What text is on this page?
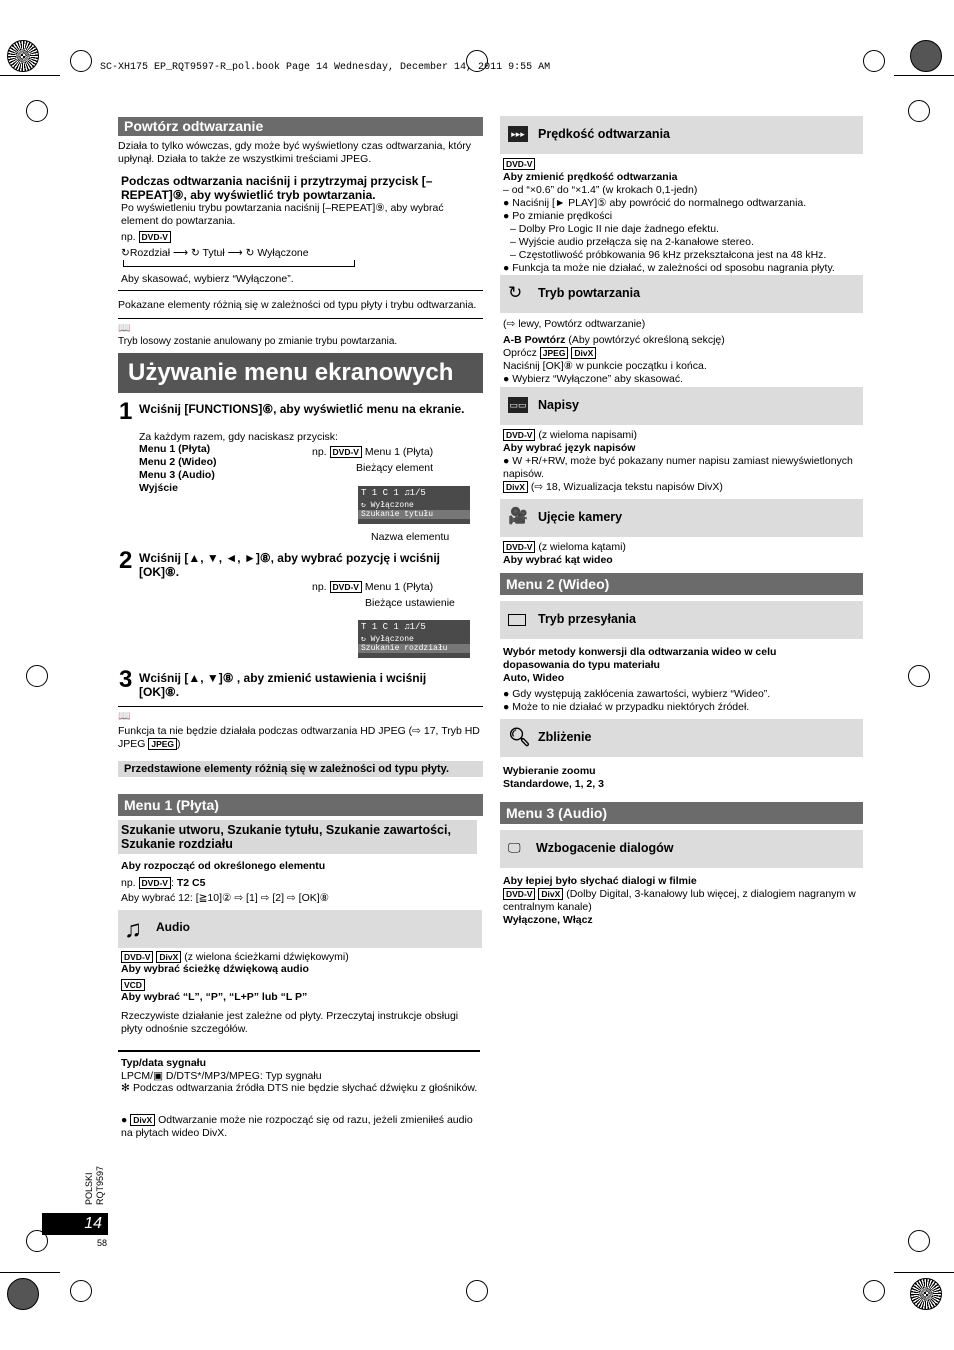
SC-XH175 EP_RQT9597-R_pol.book Page 14 Wednesday, December 14, 2011 9:55 AM
Powtórz odtwarzanie
Działa to tylko wówczas, gdy może być wyświetlony czas odtwarzania, który upłynął. Działa to także ze wszystkimi treściami JPEG.
Podczas odtwarzania naciśnij i przytrzymaj przycisk [–REPEAT]⑨, aby wyświetlić tryb powtarzania.
Po wyświetleniu trybu powtarzania naciśnij [–REPEAT]⑨, aby wybrać element do powtarzania.
np. DVD-V
↻Rozdział ⟶ ↻ Tytuł ⟶ ↻ Wyłączone
Aby skasować, wybierz “Wyłączone”.
Pokazane elementy różnią się w zależności od typu płyty i trybu odtwarzania.
📖
Tryb losowy zostanie anulowany po zmianie trybu powtarzania.
Używanie menu ekranowych
1 Wciśnij [FUNCTIONS]⑥, aby wyświetlić menu na ekranie.
Za każdym razem, gdy naciskasz przycisk:
Menu 1 (Płyta)
Menu 2 (Wideo)
Menu 3 (Audio)
Wyjście
np. DVD-V Menu 1 (Płyta)
Bieżący element
T 1 C 1 ♫1/5
↻ Wyłączone
Szukanie tytułu
Nazwa elementu
2 Wciśnij [▲, ▼, ◄, ►]⑧, aby wybrać pozycję i wciśnij [OK]⑧.
np. DVD-V Menu 1 (Płyta)
Bieżące ustawienie
T 1 C 1 ♫1/5
↻ Wyłączone
Szukanie rozdziału
3 Wciśnij [▲, ▼]⑧ , aby zmienić ustawienia i wciśnij [OK]⑧.
📖
Funkcja ta nie będzie działała podczas odtwarzania HD JPEG (⇨ 17, Tryb HD JPEG JPEG )
Przedstawione elementy różnią się w zależności od typu płyty.
Menu 1 (Płyta)
Szukanie utworu, Szukanie tytułu, Szukanie zawartości, Szukanie rozdziału
Aby rozpocząć od określonego elementu
np. DVD-V : T2 C5
Aby wybrać 12: [≧10]② ⇨ [1] ⇨ [2] ⇨ [OK]⑧
♫ Audio
DVD-V DivX (z wielona ścieżkami dźwiękowymi)
Aby wybrać ścieżkę dźwiękową audio
VCD
Aby wybrać “L”, “P”, “L+P” lub “L P”
Rzeczywiste działanie jest zależne od płyty. Przeczytaj instrukcje obsługi płyty odnośnie szczegółów.
Typ/data sygnału
LPCM/▣ D/DTS*/MP3/MPEG: Typ sygnału
✻ Podczas odtwarzania źródła DTS nie będzie słychać dźwięku z głośników.
● DivX Odtwarzanie może nie rozpocząć się od razu, jeżeli zmieniłeś audio na płytach wideo DivX.
POLSKI RQT9597
14
58
▸▸▸ Prędkość odtwarzania
DVD-V
Aby zmienić prędkość odtwarzania
– od “×0.6” do “×1.4” (w krokach 0,1-jedn)
● Naciśnij [► PLAY]⑤ aby powrócić do normalnego odtwarzania.
● Po zmianie prędkości
– Dolby Pro Logic II nie daje żadnego efektu.
– Wyjście audio przełącza się na 2-kanałowe stereo.
– Częstotliwość próbkowania 96 kHz przekształcona jest na 48 kHz.
● Funkcja ta może nie działać, w zależności od sposobu nagrania płyty.
↻	Tryb powtarzania
(⇨ lewy, Powtórz odtwarzanie)
A-B Powtórz (Aby powtórzyć określoną sekcję)
Oprócz JPEG DivX
Naciśnij [OK]⑧ w punkcie początku i końca.
● Wybierz “Wyłączone” aby skasować.
▭▭ Napisy
DVD-V (z wieloma napisami)
Aby wybrać język napisów
● W +R/+RW, może być pokazany numer napisu zamiast niewyświetlonych napisów.
DivX (⇨ 18, Wizualizacja tekstu napisów DivX)
🎥 Ujęcie kamery
DVD-V (z wieloma kątami)
Aby wybrać kąt wideo
Menu 2 (Wideo)
Tryb przesyłania
Wybór metody konwersji dla odtwarzania wideo w celu dopasowania do typu materiału
Auto, Wideo
● Gdy występują zakłócenia zawartości, wybierz “Wideo”.
● Może to nie działać w przypadku niektórych źródeł.
🔍︎ Zbliżenie
Wybieranie zoomu
Standardowe, 1, 2, 3
Menu 3 (Audio)
🖵	Wzbogacenie dialogów
Aby łepiej było słychać dialogi w filmie
DVD-V DivX (Dolby Digital, 3-kanałowy lub więcej, z dialogiem nagranym w centralnym kanale)
Wyłączone, Włącz
